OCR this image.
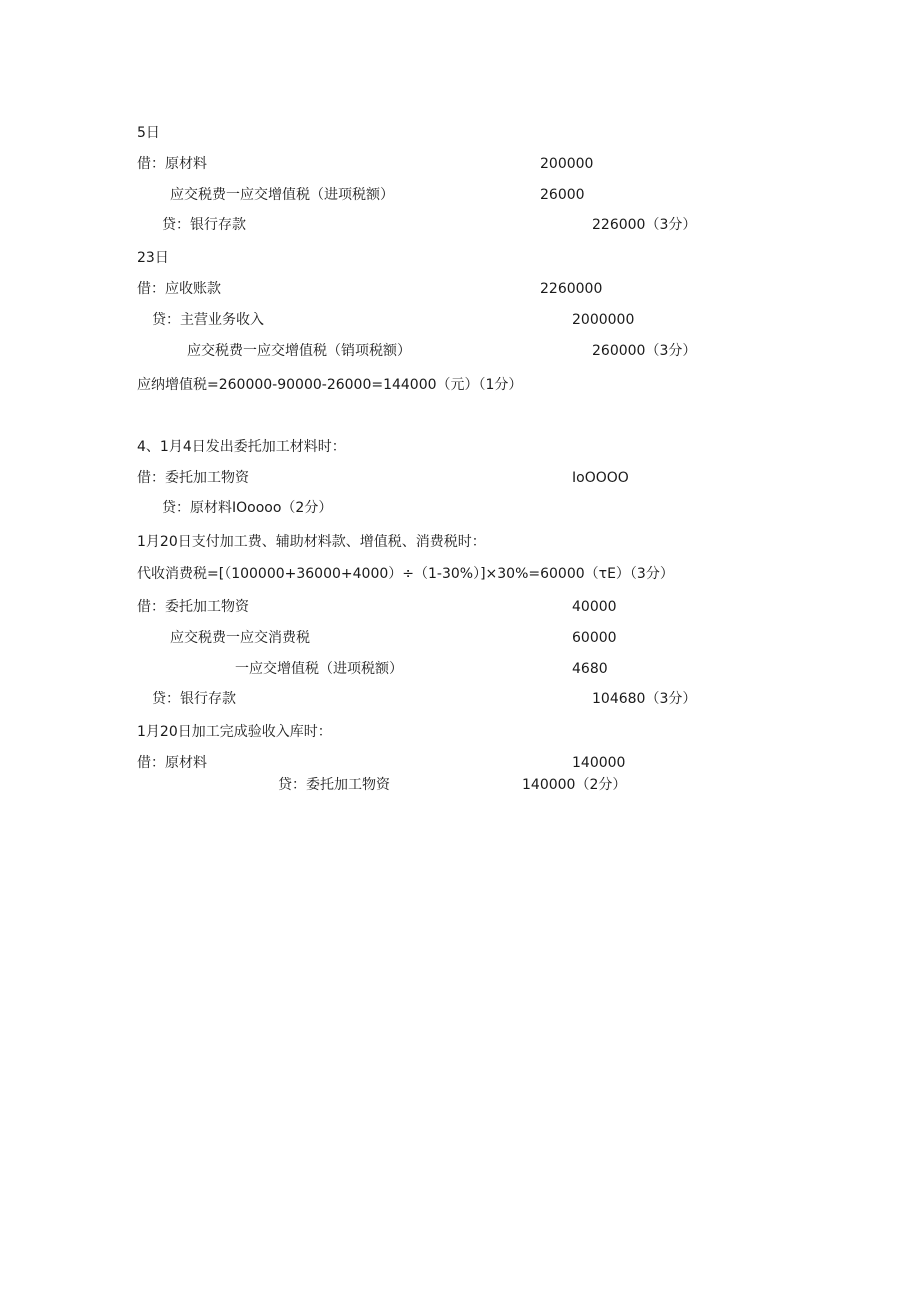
5日
借：原材料	200000
应交税费一应交增值税（进项税额）	26000
贷：银行存款	226000（3分）
23日
借：应收账款	2260000
贷：主营业务收入	2000000
应交税费一应交增值税（销项税额）	260000（3分）
应纳增值税=260000-90000-26000=144000（元）（1分）
4、1月4日发出委托加工材料时：
借：委托加工物资	IoOOOO
贷：原材料IOoooo（2分）
1月20日支付加工费、辅助材料款、增值税、消费税时：
代收消费税=[（100000+36000+4000）÷（1-30%）]×30%=60000（τE）（3分）
借：委托加工物资	40000
应交税费一应交消费税	60000
一应交增值税（进项税额）	4680
贷：银行存款	104680（3分）
1月20日加工完成验收入库时：
借：原材料	140000
贷：委托加工物资	140000（2分）
